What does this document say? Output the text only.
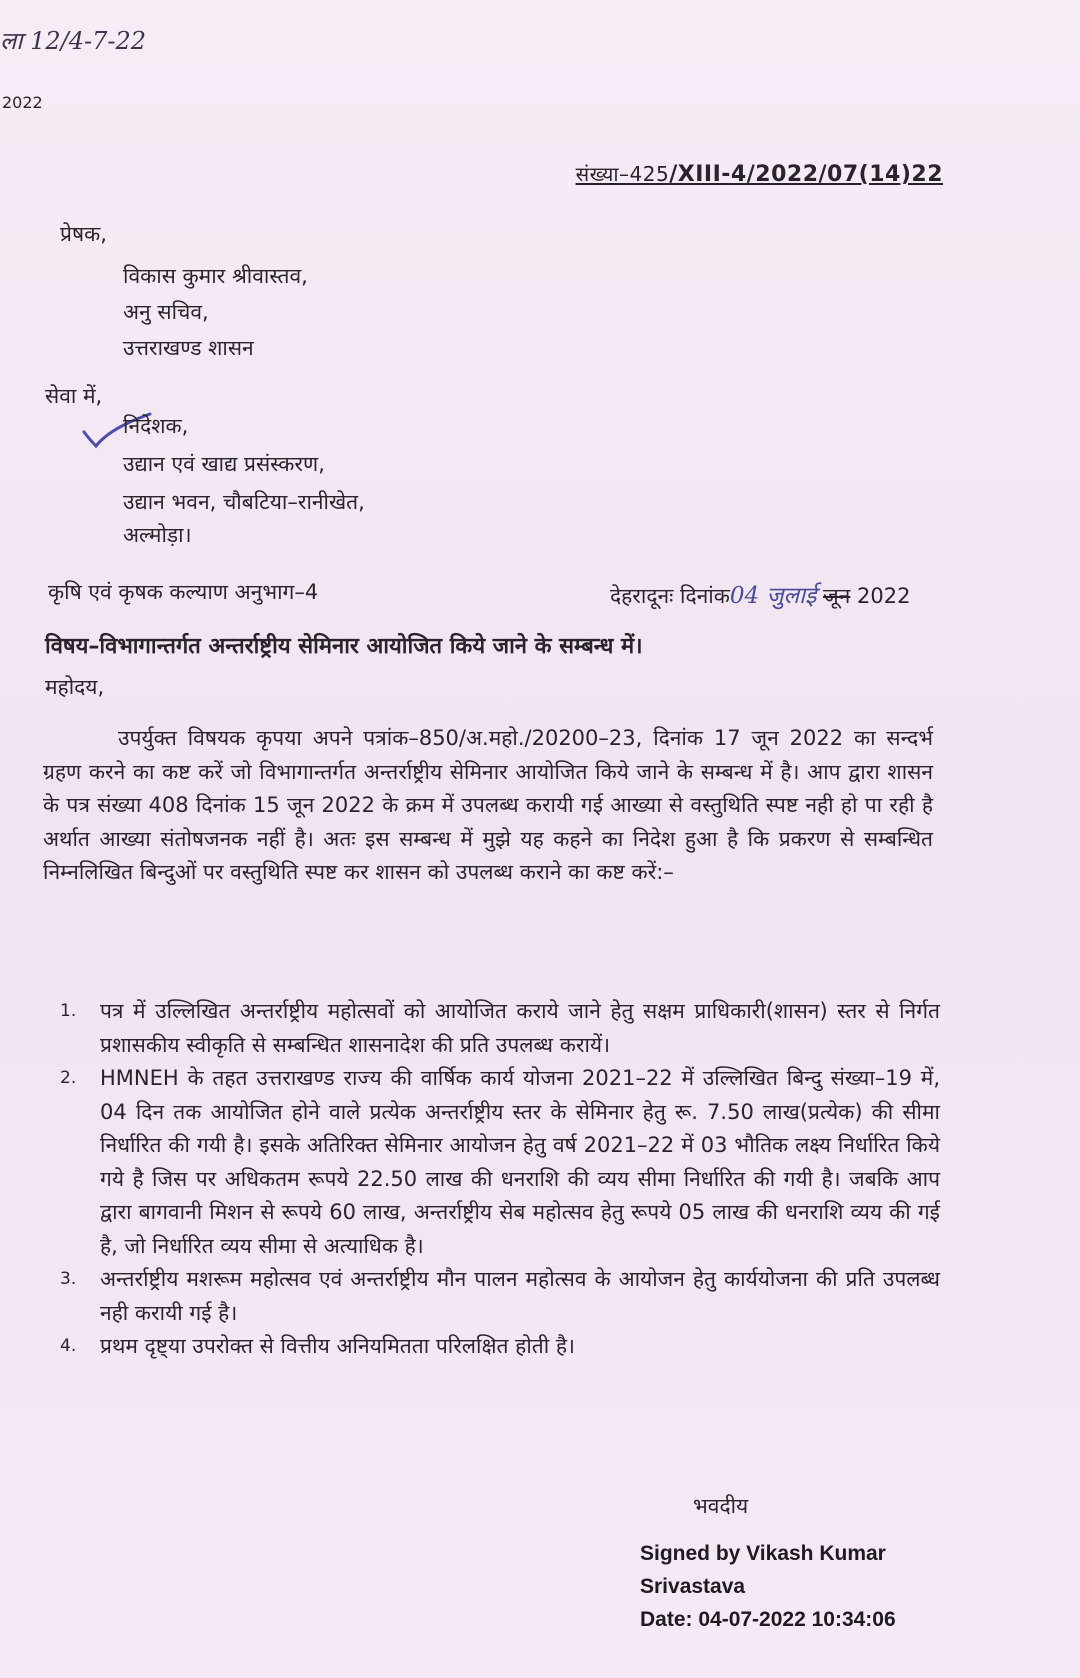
ला 12/4-7-22
2022
संख्या–425/XIII-4/2022/07(14)22
प्रेषक,
विकास कुमार श्रीवास्तव,
अनु सचिव,
उत्तराखण्ड शासन
सेवा में,
निदेशक,
उद्यान एवं खाद्य प्रसंस्करण,
उद्यान भवन, चौबटिया–रानीखेत,
अल्मोड़ा।
कृषि एवं कृषक कल्याण अनुभाग–4	देहरादूनः दिनांक04 जुलाई जून 2022
विषय–विभागान्तर्गत अन्तर्राष्ट्रीय सेमिनार आयोजित किये जाने के सम्बन्ध में।
महोदय,
उपर्युक्त विषयक कृपया अपने पत्रांक–850/अ.महो./20200–23, दिनांक 17 जून 2022 का सन्दर्भ ग्रहण करने का कष्ट करें जो विभागान्तर्गत अन्तर्राष्ट्रीय सेमिनार आयोजित किये जाने के सम्बन्ध में है। आप द्वारा शासन के पत्र संख्या 408 दिनांक 15 जून 2022 के क्रम में उपलब्ध करायी गई आख्या से वस्तुथिति स्पष्ट नही हो पा रही है अर्थात आख्या संतोषजनक नहीं है। अतः इस सम्बन्ध में मुझे यह कहने का निदेश हुआ है कि प्रकरण से सम्बन्धित निम्नलिखित बिन्दुओं पर वस्तुथिति स्पष्ट कर शासन को उपलब्ध कराने का कष्ट करें:–
1. पत्र में उल्लिखित अन्तर्राष्ट्रीय महोत्सवों को आयोजित कराये जाने हेतु सक्षम प्राधिकारी(शासन) स्तर से निर्गत प्रशासकीय स्वीकृति से सम्बन्धित शासनादेश की प्रति उपलब्ध करायें।
2. HMNEH के तहत उत्तराखण्ड राज्य की वार्षिक कार्य योजना 2021–22 में उल्लिखित बिन्दु संख्या–19 में, 04 दिन तक आयोजित होने वाले प्रत्येक अन्तर्राष्ट्रीय स्तर के सेमिनार हेतु रू. 7.50 लाख(प्रत्येक) की सीमा निर्धारित की गयी है। इसके अतिरिक्त सेमिनार आयोजन हेतु वर्ष 2021–22 में 03 भौतिक लक्ष्य निर्धारित किये गये है जिस पर अधिकतम रूपये 22.50 लाख की धनराशि की व्यय सीमा निर्धारित की गयी है। जबकि आप द्वारा बागवानी मिशन से रूपये 60 लाख, अन्तर्राष्ट्रीय सेब महोत्सव हेतु रूपये 05 लाख की धनराशि व्यय की गई है, जो निर्धारित व्यय सीमा से अत्याधिक है।
3. अन्तर्राष्ट्रीय मशरूम महोत्सव एवं अन्तर्राष्ट्रीय मौन पालन महोत्सव के आयोजन हेतु कार्ययोजना की प्रति उपलब्ध नही करायी गई है।
4. प्रथम दृष्ट्या उपरोक्त से वित्तीय अनियमितता परिलक्षित होती है।
भवदीय
Signed by Vikash Kumar
Srivastava
Date: 04-07-2022 10:34:06
